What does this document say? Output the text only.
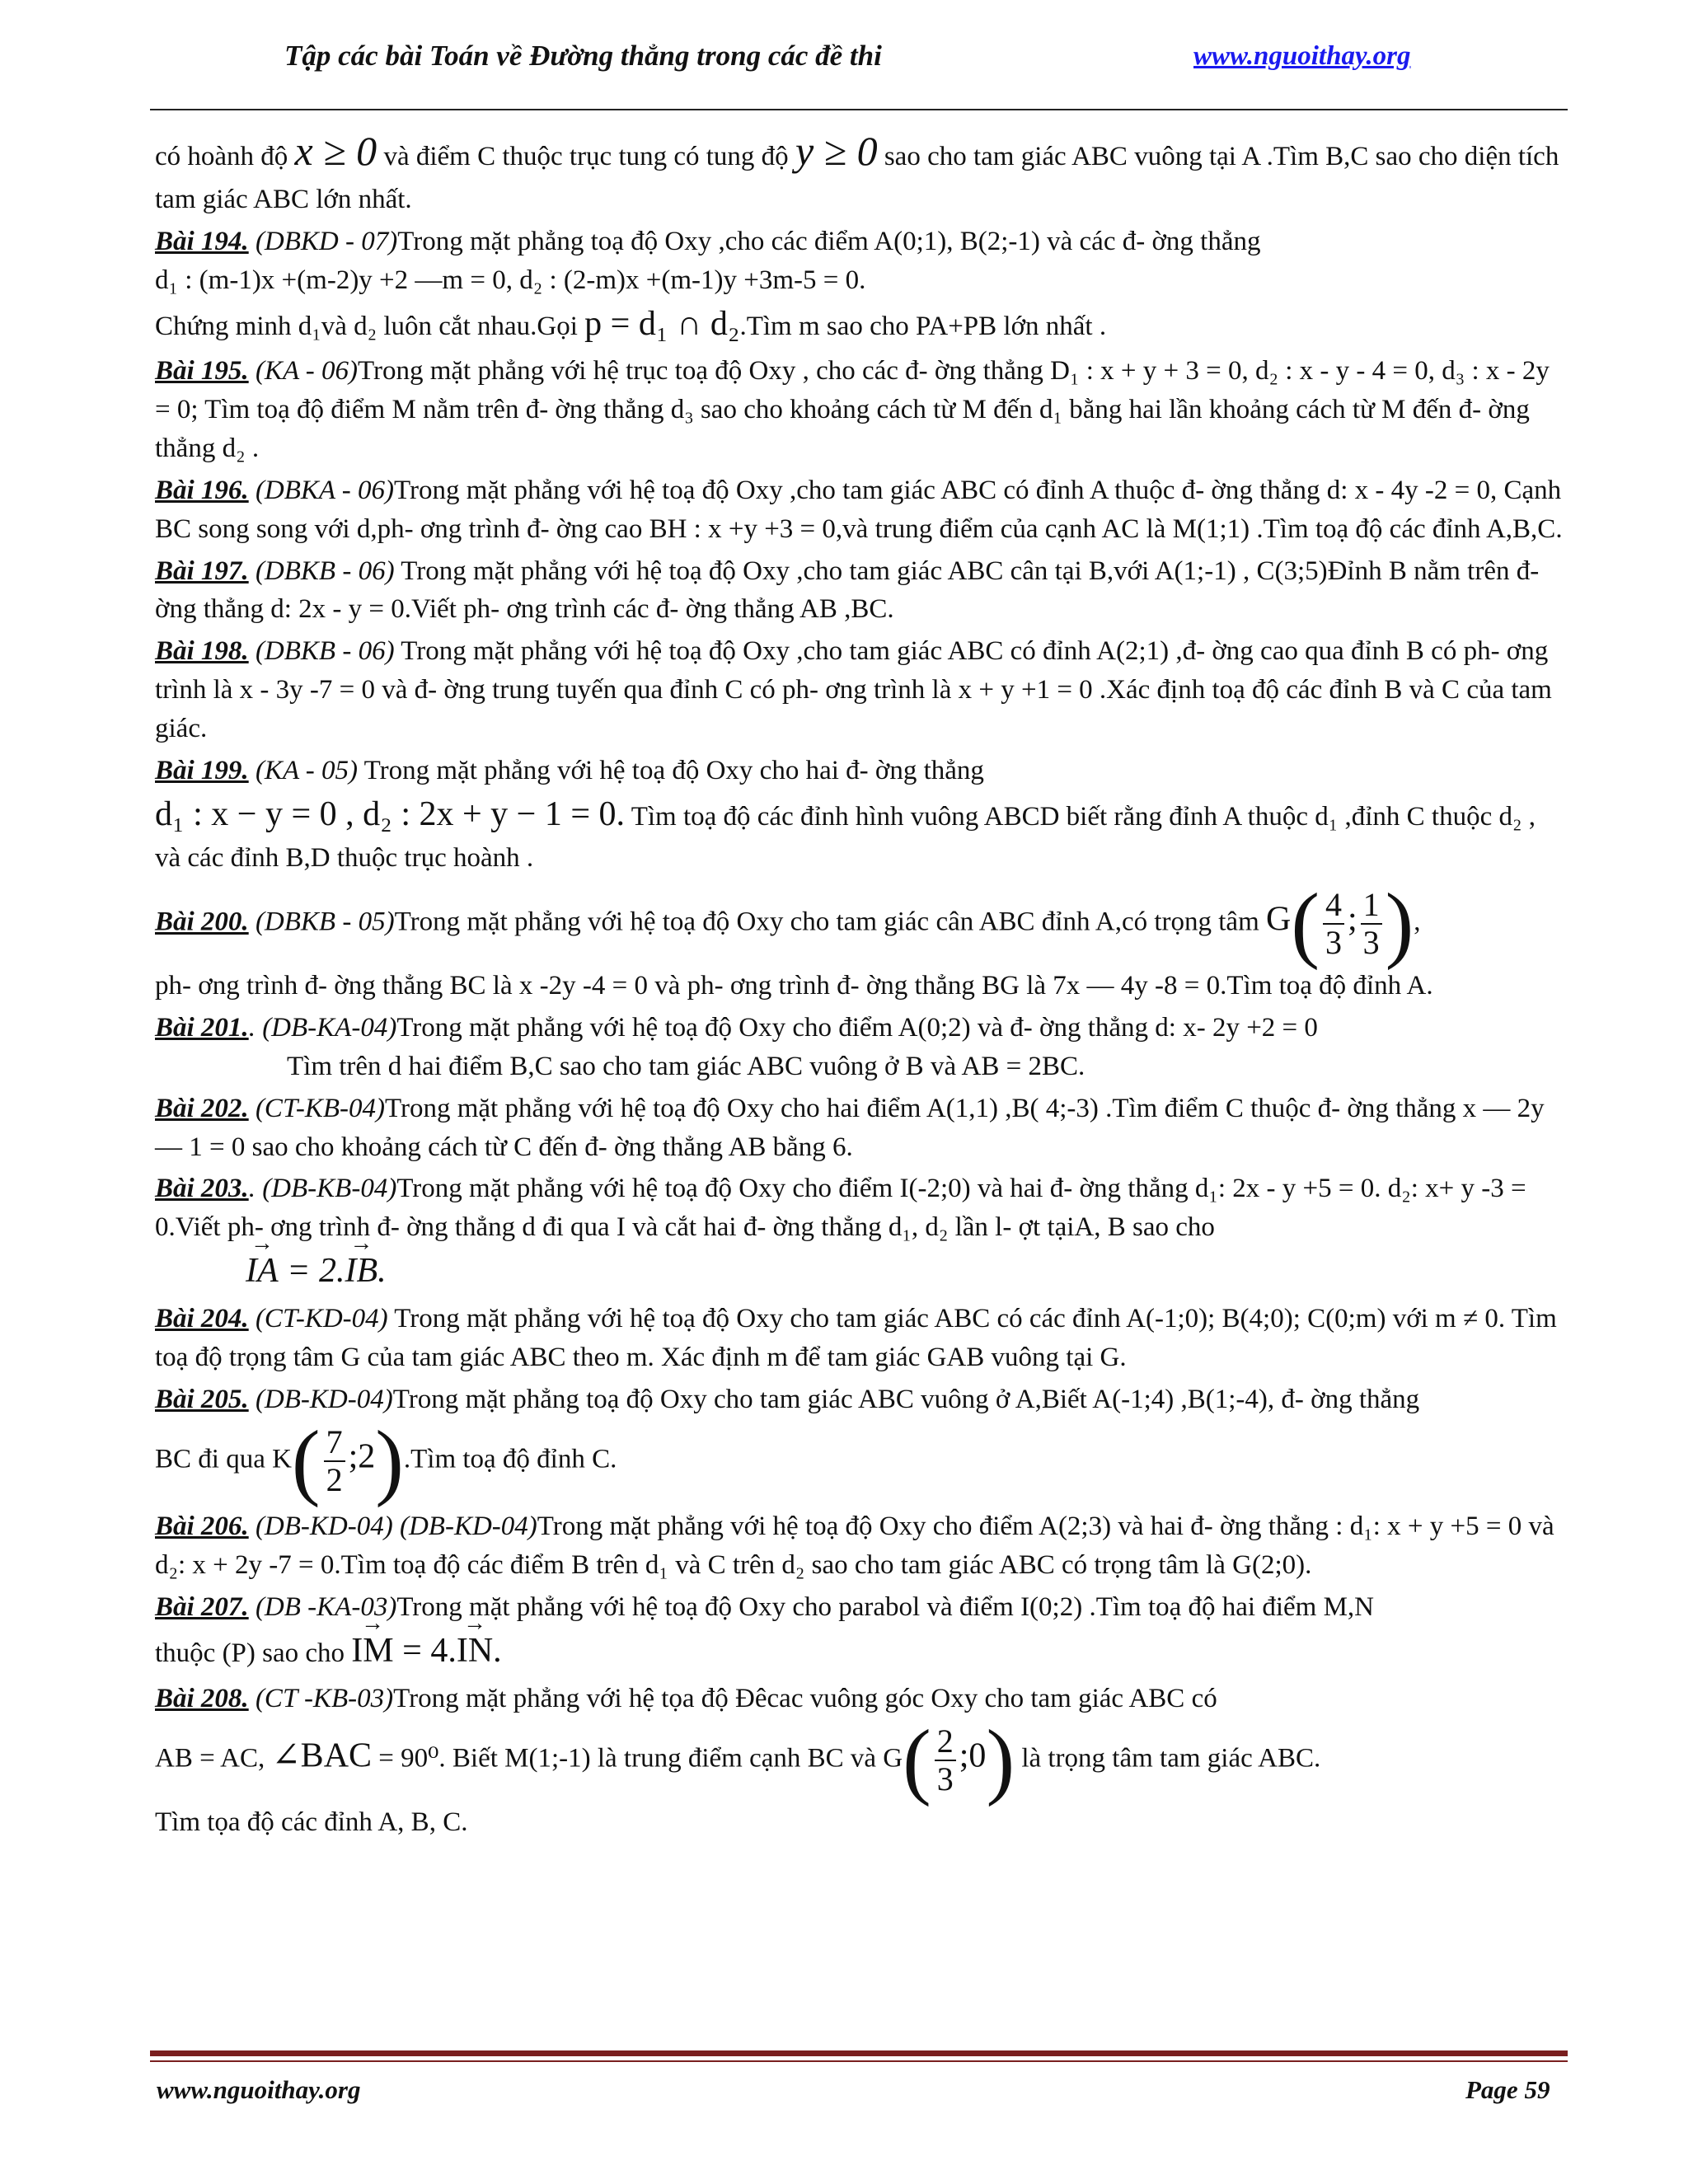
Tập các bài Toán về Đường thẳng trong các đề thi	www.nguoithay.org

có hoành độ x ≥ 0 và điểm C thuộc trục tung có tung độ y ≥ 0 sao cho tam giác ABC vuông tại A .Tìm B,C sao cho diện tích tam giác ABC lớn nhất.

Bài 194. (DBKD - 07)Trong mặt phẳng toạ độ Oxy ,cho các điểm A(0;1), B(2;-1) và các đ- ờng thẳng
d₁ : (m-1)x +(m-2)y +2 —m = 0, d₂ : (2-m)x +(m-1)y +3m-5 = 0.
Chứng minh d₁và d₂ luôn cắt nhau.Gọi p = d₁ ∩ d₂.Tìm m sao cho PA+PB lớn nhất .

Bài 195. (KA - 06)Trong mặt phẳng với hệ trục toạ độ Oxy , cho các đ- ờng thẳng D₁ : x + y + 3 = 0, d₂ : x - y - 4 = 0, d₃ : x - 2y = 0; Tìm toạ độ điểm M nằm trên đ- ờng thẳng d₃ sao cho khoảng cách từ M đến d₁ bằng hai lần khoảng cách từ M đến đ- ờng thẳng d₂ .

Bài 196. (DBKA - 06)Trong mặt phẳng với hệ toạ độ Oxy ,cho tam giác ABC có đỉnh A thuộc đ- ờng thẳng d: x - 4y -2 = 0, Cạnh BC song song với d,ph- ơng trình đ- ờng cao BH : x +y +3 = 0,và trung điểm của cạnh AC là M(1;1) .Tìm toạ độ các đỉnh A,B,C.

Bài 197. (DBKB - 06) Trong mặt phẳng với hệ toạ độ Oxy ,cho tam giác ABC cân tại B,với A(1;-1) , C(3;5)Đỉnh B nằm trên đ- ờng thẳng d: 2x - y = 0.Viết ph- ơng trình các đ- ờng thẳng AB ,BC.

Bài 198. (DBKB - 06) Trong mặt phẳng với hệ toạ độ Oxy ,cho tam giác ABC có đỉnh A(2;1) ,đ- ờng cao qua đỉnh B có ph- ơng trình là x - 3y -7 = 0 và đ- ờng trung tuyến qua đỉnh C có ph- ơng trình là x + y +1 = 0 .Xác định toạ độ các đỉnh B và C của tam giác.

Bài 199. (KA - 05) Trong mặt phẳng với hệ toạ độ Oxy cho hai đ- ờng thẳng
d₁ : x − y = 0 , d₂ : 2x + y − 1 = 0. Tìm toạ độ các đỉnh hình vuông ABCD biết rằng đỉnh A thuộc d₁ ,đỉnh C thuộc d₂ , và các đỉnh B,D thuộc trục hoành .

Bài 200. (DBKB - 05)Trong mặt phẳng với hệ toạ độ Oxy cho tam giác cân ABC đỉnh A,có trọng tâm $G( \frac{4}{3}$ ; $\frac{1}{3}$ ),
ph- ơng trình đ- ờng thẳng BC là x -2y -4 = 0 và ph- ơng trình đ- ờng thẳng BG là 7x — 4y -8 = 0.Tìm toạ độ đỉnh A.

Bài 201.. (DB-KA-04)Trong mặt phẳng với hệ toạ độ Oxy cho điểm A(0;2) và đ- ờng thẳng d: x- 2y +2 = 0
Tìm trên d hai điểm B,C sao cho tam giác ABC vuông ở B và AB = 2BC.

Bài 202. (CT-KB-04)Trong mặt phẳng với hệ toạ độ Oxy cho hai điểm A(1,1) ,B( 4;-3) .Tìm điểm C thuộc đ- ờng thẳng x — 2y — 1 = 0 sao cho khoảng cách từ C đến đ- ờng thẳng AB bằng 6.

Bài 203.. (DB-KB-04)Trong mặt phẳng với hệ toạ độ Oxy cho điểm I(-2;0) và hai đ- ờng thẳng d₁: 2x - y +5 = 0. d₂: x+ y -3 = 0.Viết ph- ơng trình đ- ờng thẳng d đi qua I và cắt hai đ- ờng thẳng d₁, d₂ lần l- ợt tạiA, B sao cho
→ IA = 2.→ IB.

Bài 204. (CT-KD-04) Trong mặt phẳng với hệ toạ độ Oxy cho tam giác ABC có các đỉnh A(-1;0); B(4;0); C(0;m) với m ≠ 0. Tìm toạ độ trọng tâm G của tam giác ABC theo m. Xác định m để tam giác GAB vuông tại G.

Bài 205. (DB-KD-04)Trong mặt phẳng toạ độ Oxy cho tam giác ABC vuông ở A,Biết A(-1;4) ,B(1;-4), đ- ờng thẳng
BC đi qua $K( \frac{7}{2}$ ;2).Tìm toạ độ đỉnh C.

Bài 206. (DB-KD-04) (DB-KD-04)Trong mặt phẳng với hệ toạ độ Oxy cho điểm A(2;3) và hai đ- ờng thẳng : d₁: x + y +5 = 0 và d₂: x + 2y -7 = 0.Tìm toạ độ các điểm B trên d₁ và C trên d₂ sao cho tam giác ABC có trọng tâm là G(2;0).

Bài 207. (DB -KA-03)Trong mặt phẳng với hệ toạ độ Oxy cho parabol và điểm I(0;2) .Tìm toạ độ hai điểm M,N
thuộc (P) sao cho → IM = 4.→ IN.

Bài 208. (CT -KB-03)Trong mặt phẳng với hệ tọa độ Đêcac vuông góc Oxy cho tam giác ABC có
AB = AC, ∠BAC = 90⁰. Biết M(1;-1) là trung điểm cạnh BC và $G( \frac{2}{3}$ ;0) là trọng tâm tam giác ABC.
Tìm tọa độ các đỉnh A, B, C.

www.nguoithay.org	Page 59
